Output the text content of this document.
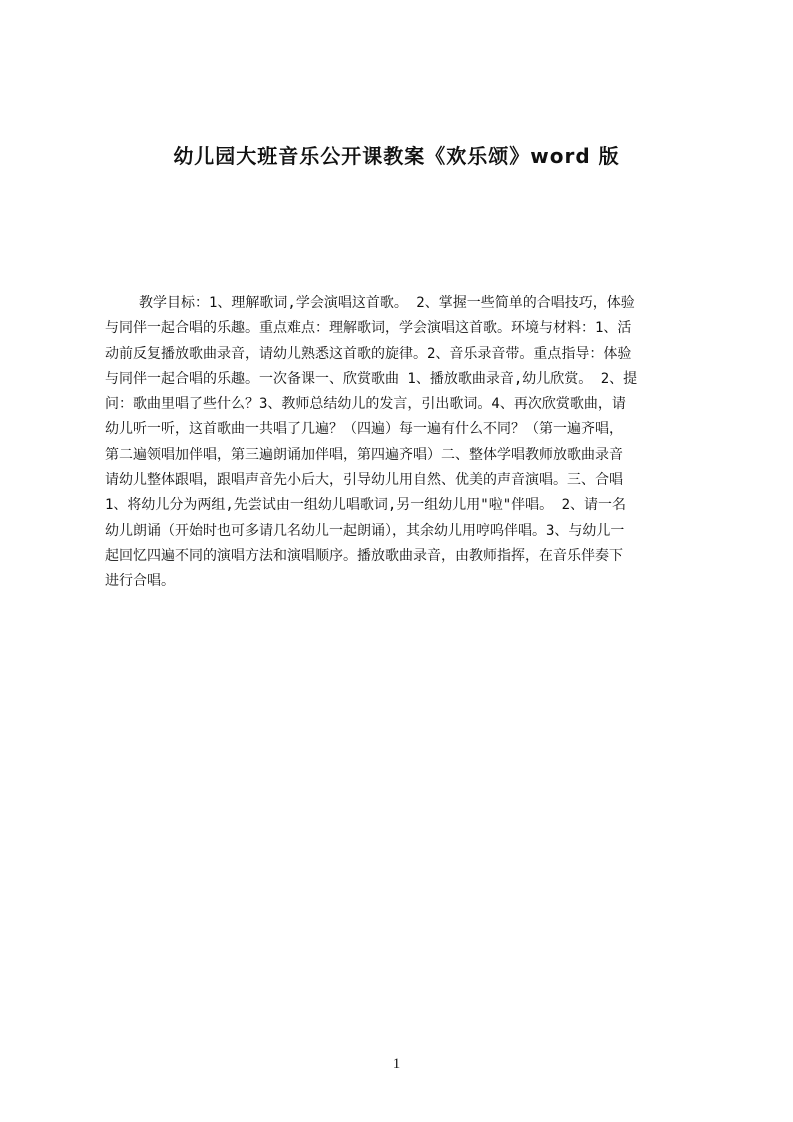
幼儿园大班音乐公开课教案《欢乐颂》word 版
教学目标：1、理解歌词,学会演唱这首歌。 2、掌握一些简单的合唱技巧，体验
与同伴一起合唱的乐趣。重点难点：理解歌词，学会演唱这首歌。环境与材料：1、活
动前反复播放歌曲录音，请幼儿熟悉这首歌的旋律。2、音乐录音带。重点指导：体验
与同伴一起合唱的乐趣。一次备课一、欣赏歌曲 1、播放歌曲录音,幼儿欣赏。 2、提
问：歌曲里唱了些什么？3、教师总结幼儿的发言，引出歌词。4、再次欣赏歌曲，请
幼儿听一听，这首歌曲一共唱了几遍？（四遍）每一遍有什么不同？（第一遍齐唱，
第二遍领唱加伴唱，第三遍朗诵加伴唱，第四遍齐唱）二、整体学唱教师放歌曲录音
请幼儿整体跟唱，跟唱声音先小后大，引导幼儿用自然、优美的声音演唱。三、合唱
1、将幼儿分为两组,先尝试由一组幼儿唱歌词,另一组幼儿用"啦"伴唱。 2、请一名
幼儿朗诵（开始时也可多请几名幼儿一起朗诵），其余幼儿用哼呜伴唱。3、与幼儿一
起回忆四遍不同的演唱方法和演唱顺序。播放歌曲录音，由教师指挥，在音乐伴奏下
进行合唱。
1
